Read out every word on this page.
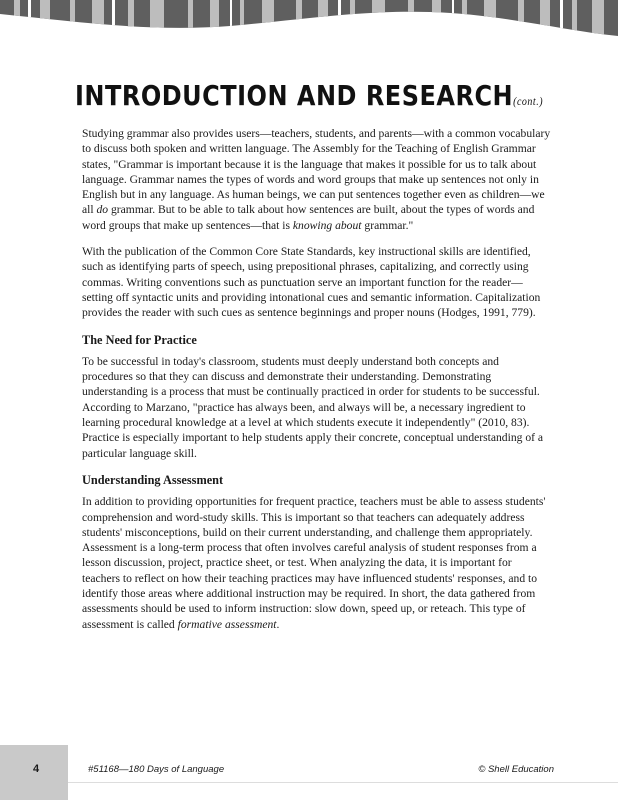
INTRODUCTION AND RESEARCH(cont.)

Studying grammar also provides users—teachers, students, and parents—with a common vocabulary to discuss both spoken and written language. The Assembly for the Teaching of English Grammar states, "Grammar is important because it is the language that makes it possible for us to talk about language. Grammar names the types of words and word groups that make up sentences not only in English but in any language. As human beings, we can put sentences together even as children—we all do grammar. But to be able to talk about how sentences are built, about the types of words and word groups that make up sentences—that is knowing about grammar."

With the publication of the Common Core State Standards, key instructional skills are identified, such as identifying parts of speech, using prepositional phrases, capitalizing, and correctly using commas. Writing conventions such as punctuation serve an important function for the reader—setting off syntactic units and providing intonational cues and semantic information. Capitalization provides the reader with such cues as sentence beginnings and proper nouns (Hodges, 1991, 779).

The Need for Practice

To be successful in today's classroom, students must deeply understand both concepts and procedures so that they can discuss and demonstrate their understanding. Demonstrating understanding is a process that must be continually practiced in order for students to be successful. According to Marzano, "practice has always been, and always will be, a necessary ingredient to learning procedural knowledge at a level at which students execute it independently" (2010, 83). Practice is especially important to help students apply their concrete, conceptual understanding of a particular language skill.

Understanding Assessment

In addition to providing opportunities for frequent practice, teachers must be able to assess students' comprehension and word-study skills. This is important so that teachers can adequately address students' misconceptions, build on their current understanding, and challenge them appropriately. Assessment is a long-term process that often involves careful analysis of student responses from a lesson discussion, project, practice sheet, or test. When analyzing the data, it is important for teachers to reflect on how their teaching practices may have influenced students' responses, and to identify those areas where additional instruction may be required. In short, the data gathered from assessments should be used to inform instruction: slow down, speed up, or reteach. This type of assessment is called formative assessment.

4	#51168—180 Days of Language	© Shell Education
